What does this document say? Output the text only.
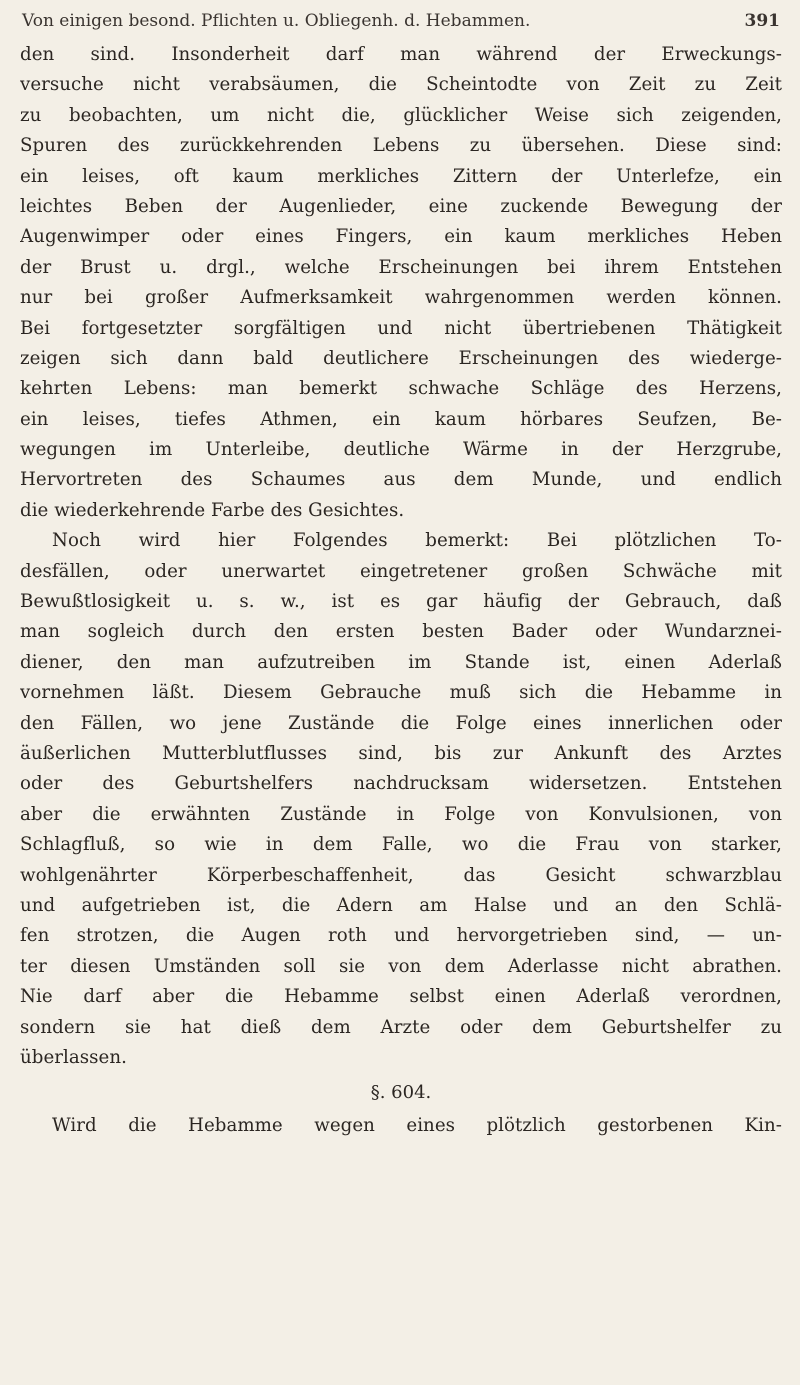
Von einigen besond. Pflichten u. Obliegenh. d. Hebammen.	391
den sind. Insonderheit darf man während der Erweckungs-
versuche nicht verabsäumen, die Scheintodte von Zeit zu Zeit
zu beobachten, um nicht die, glücklicher Weise sich zeigenden,
Spuren des zurückkehrenden Lebens zu übersehen. Diese sind:
ein leises, oft kaum merkliches Zittern der Unterlefze, ein
leichtes Beben der Augenlieder, eine zuckende Bewegung der
Augenwimper oder eines Fingers, ein kaum merkliches Heben
der Brust u. drgl., welche Erscheinungen bei ihrem Entstehen
nur bei großer Aufmerksamkeit wahrgenommen werden können.
Bei fortgesetzter sorgfältigen und nicht übertriebenen Thätigkeit
zeigen sich dann bald deutlichere Erscheinungen des wiederge-
kehrten Lebens: man bemerkt schwache Schläge des Herzens,
ein leises, tiefes Athmen, ein kaum hörbares Seufzen, Be-
wegungen im Unterleibe, deutliche Wärme in der Herzgrube,
Hervortreten des Schaumes aus dem Munde, und endlich
die wiederkehrende Farbe des Gesichtes.
Noch wird hier Folgendes bemerkt: Bei plötzlichen To-
desfällen, oder unerwartet eingetretener großen Schwäche mit
Bewußtlosigkeit u. s. w., ist es gar häufig der Gebrauch, daß
man sogleich durch den ersten besten Bader oder Wundarznei-
diener, den man aufzutreiben im Stande ist, einen Aderlaß
vornehmen läßt. Diesem Gebrauche muß sich die Hebamme in
den Fällen, wo jene Zustände die Folge eines innerlichen oder
äußerlichen Mutterblutflusses sind, bis zur Ankunft des Arztes
oder des Geburtshelfers nachdrucksam widersetzen. Entstehen
aber die erwähnten Zustände in Folge von Konvulsionen, von
Schlagfluß, so wie in dem Falle, wo die Frau von starker,
wohlgenährter Körperbeschaffenheit, das Gesicht schwarzblau
und aufgetrieben ist, die Adern am Halse und an den Schlä-
fen strotzen, die Augen roth und hervorgetrieben sind, — un-
ter diesen Umständen soll sie von dem Aderlasse nicht abrathen.
Nie darf aber die Hebamme selbst einen Aderlaß verordnen,
sondern sie hat dieß dem Arzte oder dem Geburtshelfer zu
überlassen.
§. 604.
Wird die Hebamme wegen eines plötzlich gestorbenen Kin-
